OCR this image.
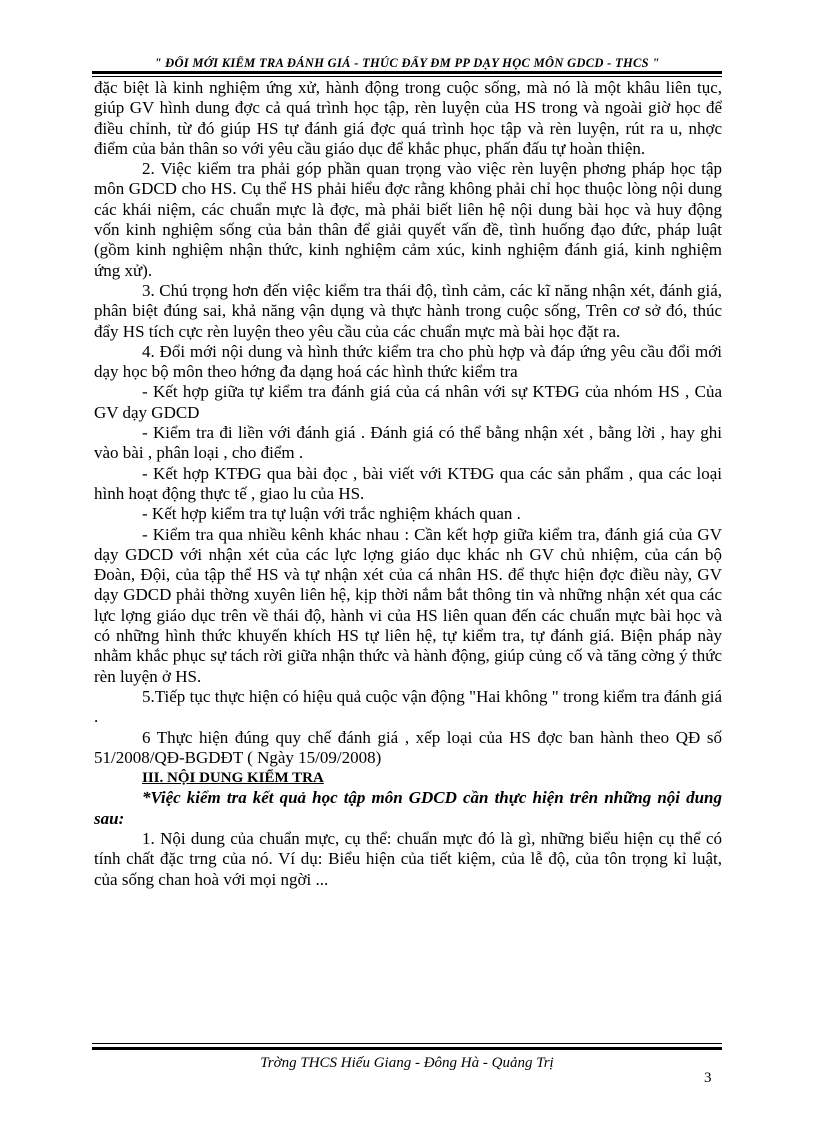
" ĐỔI MỚI KIỂM TRA ĐÁNH GIÁ - THÚC ĐẨY ĐM PP DẠY HỌC MÔN GDCD - THCS "

đặc biệt là kinh nghiệm ứng xử, hành động trong cuộc sống, mà nó là một khâu liên tục, giúp GV hình dung đợc cả quá trình học tập, rèn luyện của HS trong và ngoài giờ học để điều chỉnh, từ đó giúp HS tự đánh giá đợc quá trình học tập và rèn luyện, rút ra u, nhợc điểm của bản thân so với yêu cầu giáo dục để khắc phục, phấn đấu tự hoàn thiện.

2. Việc kiểm tra phải góp phần quan trọng vào việc rèn luyện phơng pháp học tập môn GDCD cho HS. Cụ thể HS phải hiểu đợc rằng không phải chỉ học thuộc lòng nội dung các khái niệm, các chuẩn mực là đợc, mà phải biết liên hệ nội dung bài học và huy động vốn kinh nghiệm sống của bản thân để giải quyết vấn đề, tình huống đạo đức, pháp luật (gồm kinh nghiệm nhận thức, kinh nghiệm cảm xúc, kinh nghiệm đánh giá, kinh nghiệm ứng xử).

3. Chú trọng hơn đến việc kiểm tra thái độ, tình cảm, các kĩ năng nhận xét, đánh giá, phân biệt đúng sai, khả năng vận dụng và thực hành trong cuộc sống, Trên cơ sở đó, thúc đẩy HS tích cực rèn luyện theo yêu cầu của các chuẩn mực mà bài học đặt ra.

4. Đổi mới nội dung và hình thức kiểm tra cho phù hợp và đáp ứng yêu cầu đổi mới dạy học bộ môn theo hớng đa dạng hoá các hình thức kiểm tra

- Kết hợp giữa tự kiểm tra đánh giá của cá nhân với sự KTĐG của nhóm HS , Của GV dạy GDCD

- Kiểm tra đi liền với đánh giá . Đánh giá có thể bằng nhận xét , bằng lời , hay ghi vào bài , phân loại , cho điểm .

- Kết hợp KTĐG qua bài đọc , bài viết với KTĐG qua các sản phẩm , qua các loại hình hoạt động thực tế , giao lu của HS.

- Kết hợp kiểm tra tự luận với trắc nghiệm khách quan .

- Kiểm tra qua nhiều kênh khác nhau : Cần kết hợp giữa kiểm tra, đánh giá của GV dạy GDCD với nhận xét của các lực lợng giáo dục khác nh GV chủ nhiệm, của cán bộ Đoàn, Đội, của tập thể HS và tự nhận xét của cá nhân HS. để thực hiện đợc điều này, GV dạy GDCD phải thờng xuyên liên hệ, kịp thời nắm bắt thông tin và những nhận xét qua các lực lợng giáo dục trên về thái độ, hành vi của HS liên quan đến các chuẩn mực bài học và có những hình thức khuyến khích HS tự liên hệ, tự kiểm tra, tự đánh giá. Biện pháp này nhằm khắc phục sự tách rời giữa nhận thức và hành động, giúp củng cố và tăng cờng ý thức rèn luyện ở HS.

5.Tiếp tục thực hiện có hiệu quả cuộc vận động "Hai không " trong kiểm tra đánh giá .

6 Thực hiện đúng quy chế đánh giá , xếp loại của HS đợc ban hành theo QĐ số 51/2008/QĐ-BGDĐT ( Ngày 15/09/2008)

III. NỘI DUNG KIỂM TRA

*Việc kiểm tra kết quả học tập môn GDCD cần thực hiện trên những nội dung sau:

1. Nội dung của chuẩn mực, cụ thể: chuẩn mực đó là gì, những biểu hiện cụ thể có tính chất đặc trng của nó. Ví dụ: Biểu hiện của tiết kiệm, của lễ độ, của tôn trọng kỉ luật, của sống chan hoà với mọi ngời ...

Trờng THCS Hiếu Giang - Đông Hà - Quảng Trị
3
